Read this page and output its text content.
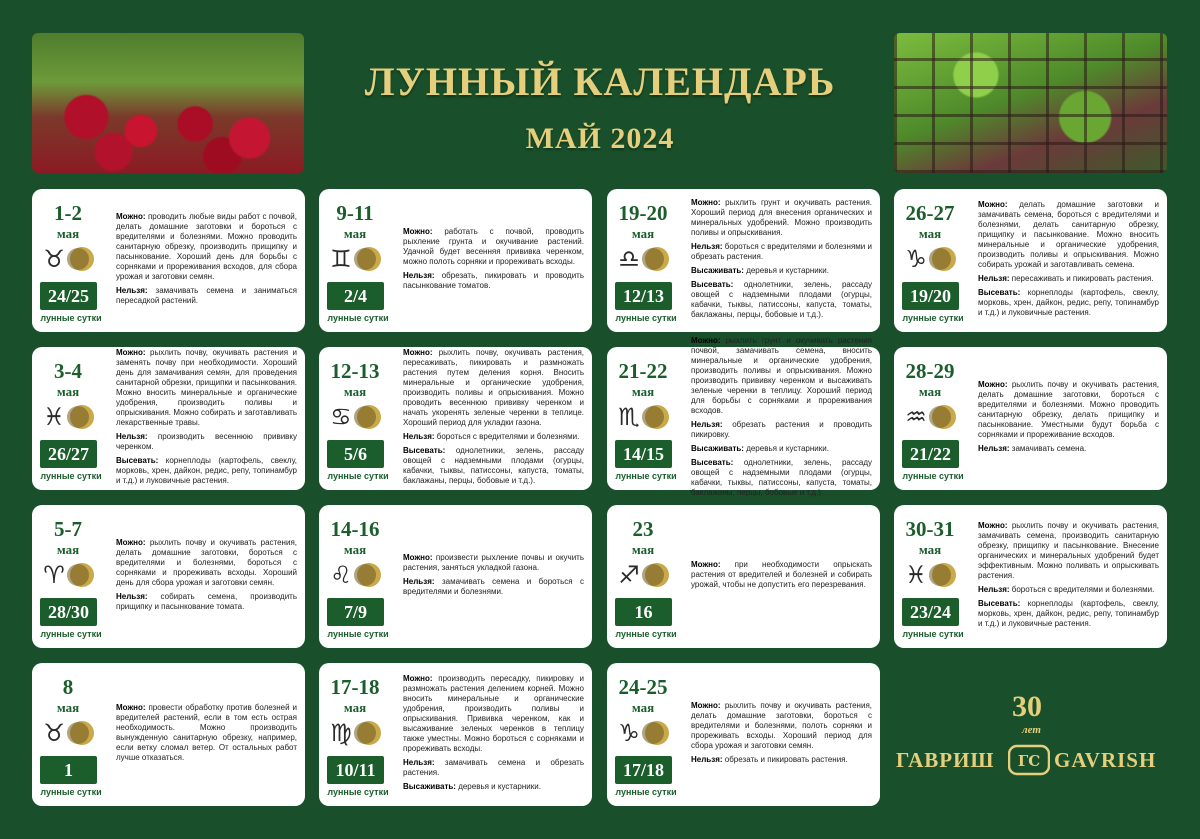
ЛУННЫЙ КАЛЕНДАРЬ
МАЙ 2024
1-2
мая
♉
24/25
лунные сутки

Можно: проводить любые виды работ с почвой, делать домашние заготовки и бороться с вредителями и болезнями. Можно проводить санитарную обрезку, производить прищипку и пасынкование. Хороший день для борьбы с сорняками и прореживания всходов, для сбора урожая и заготовки семян.

Нельзя: замачивать семена и заниматься пересадкой растений.

9-11
мая
♊
2/4
лунные сутки

Можно: работать с почвой, проводить рыхление грунта и окучивание растений. Удачной будет весенняя прививка черенком, можно полоть сорняки и прореживать всходы.

Нельзя: обрезать, пикировать и проводить пасынкование томатов.

19-20
мая
♎
12/13
лунные сутки

Можно: рыхлить грунт и окучивать растения. Хороший период для внесения органических и минеральных удобрений. Можно производить поливы и опрыскивания.

Нельзя: бороться с вредителями и болезнями и обрезать растения.

Высаживать: деревья и кустарники.

Высевать: однолетники, зелень, рассаду овощей с надземными плодами (огурцы, кабачки, тыквы, патиссоны, капуста, томаты, баклажаны, перцы, бобовые и т.д.).

26-27
мая
♑
19/20
лунные сутки

Можно: делать домашние заготовки и замачивать семена, бороться с вредителями и болезнями, делать санитарную обрезку, прищипку и пасынкование. Можно вносить минеральные и органические удобрения, производить поливы и опрыскивания. Можно собирать урожай и заготавливать семена.

Нельзя: пересаживать и пикировать растения.

Высевать: корнеплоды (картофель, свеклу, морковь, хрен, дайкон, редис, репу, топинамбур и т.д.) и луковичные растения.

3-4
мая
♓
26/27
лунные сутки

Можно: рыхлить почву, окучивать растения и заменять почву при необходимости. Хороший день для замачивания семян, для проведения санитарной обрезки, прищипки и пасынкования. Можно вносить минеральные и органические удобрения, производить поливы и опрыскивания. Можно собирать и заготавливать лекарственные травы.

Нельзя: производить весеннюю прививку черенком.

Высевать: корнеплоды (картофель, свеклу, морковь, хрен, дайкон, редис, репу, топинамбур и т.д.) и луковичные растения.

12-13
мая
♋
5/6
лунные сутки

Можно: рыхлить почву, окучивать растения, пересаживать, пикировать и размножать растения путем деления корня. Вносить минеральные и органические удобрения, производить поливы и опрыскивания. Можно проводить весеннюю прививку черенком и начать укоренять зеленые черенки в теплице. Хороший период для укладки газона.

Нельзя: бороться с вредителями и болезнями.

Высевать: однолетники, зелень, рассаду овощей с надземными плодами (огурцы, кабачки, тыквы, патиссоны, капуста, томаты, баклажаны, перцы, бобовые и т.д.).

21-22
мая
♏
14/15
лунные сутки

Можно: рыхлить грунт и окучивать растения почвой, замачивать семена, вносить минеральные и органические удобрения, производить поливы и опрыскивания. Можно производить прививку черенком и высаживать зеленые черенки в теплицу. Хороший период для борьбы с сорняками и прореживания всходов.

Нельзя: обрезать растения и проводить пикировку.

Высаживать: деревья и кустарники.

Высевать: однолетники, зелень, рассаду овощей с надземными плодами (огурцы, кабачки, тыквы, патиссоны, капуста, томаты, баклажаны, перцы, бобовые и т.д.).

28-29
мая
♒
21/22
лунные сутки

Можно: рыхлить почву и окучивать растения, делать домашние заготовки, бороться с вредителями и болезнями. Можно проводить санитарную обрезку, делать прищипку и пасынкование. Уместными будут борьба с сорняками и прореживание всходов.

Нельзя: замачивать семена.

5-7
мая
♈
28/30
лунные сутки

Можно: рыхлить почву и окучивать растения, делать домашние заготовки, бороться с вредителями и болезнями, бороться с сорняками и прореживать всходы. Хороший день для сбора урожая и заготовки семян.

Нельзя: собирать семена, производить прищипку и пасынкование томата.

14-16
мая
♌
7/9
лунные сутки

Можно: произвести рыхление почвы и окучить растения, заняться укладкой газона.

Нельзя: замачивать семена и бороться с вредителями и болезнями.

23
мая
♐
16
лунные сутки

Можно: при необходимости опрыскать растения от вредителей и болезней и собирать урожай, чтобы не допустить его перезревания.

30-31
мая
♓
23/24
лунные сутки

Можно: рыхлить почву и окучивать растения, замачивать семена, производить санитарную обрезку, прищипку и пасынкование. Внесение органических и минеральных удобрений будет эффективным. Можно поливать и опрыскивать растения.

Нельзя: бороться с вредителями и болезнями.

Высевать: корнеплоды (картофель, свеклу, морковь, хрен, дайкон, редис, репу, топинамбур и т.д.) и луковичные растения.

8
мая
♉
1
лунные сутки

Можно: провести обработку против болезней и вредителей растений, если в том есть острая необходимость. Можно производить вынужденную санитарную обрезку, например, если ветку сломал ветер. От остальных работ лучше отказаться.

17-18
мая
♍
10/11
лунные сутки

Можно: производить пересадку, пикировку и размножать растения делением корней. Можно вносить минеральные и органические удобрения, производить поливы и опрыскивания. Прививка черенком, как и высаживание зеленых черенков в теплицу также уместны. Можно бороться с сорняками и прореживать всходы.

Нельзя: замачивать семена и обрезать растения.

Высаживать: деревья и кустарники.

24-25
мая
♑
17/18
лунные сутки

Можно: рыхлить почву и окучивать растения, делать домашние заготовки, бороться с вредителями и болезнями, полоть сорняки и прореживать всходы. Хороший период для сбора урожая и заготовки семян.

Нельзя: обрезать и пикировать растения.

30
лет
ГАВРИШ ГС GAVRISH
